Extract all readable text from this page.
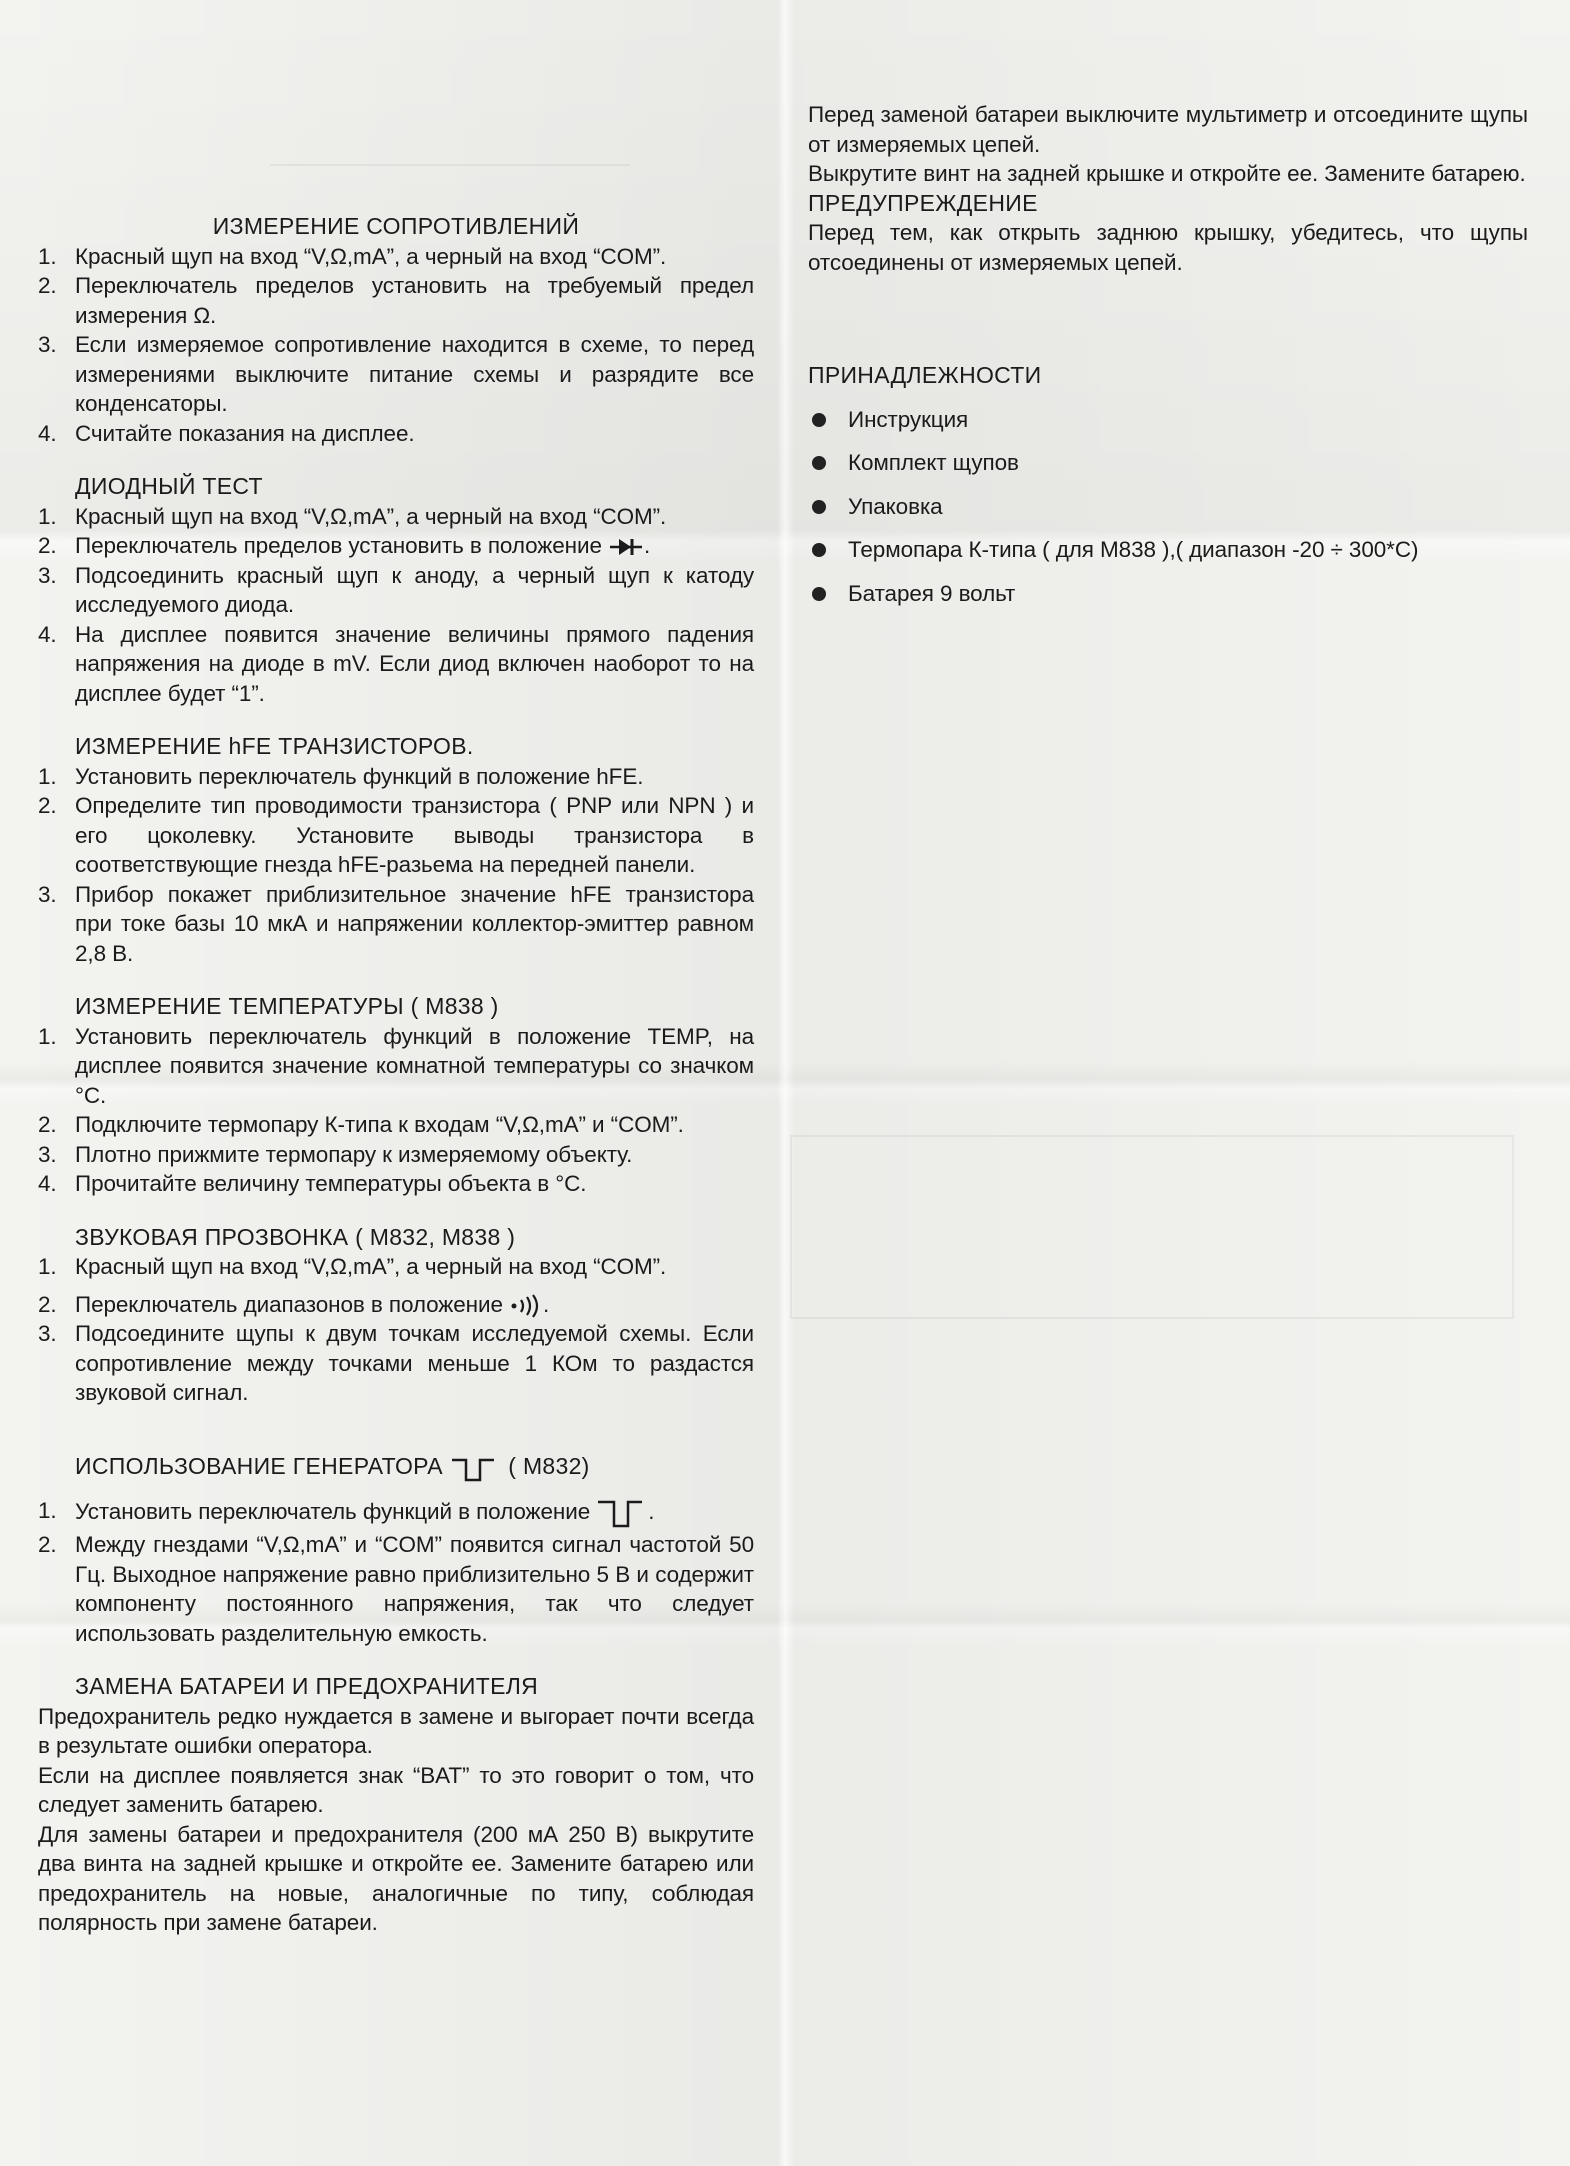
ИЗМЕРЕНИЕ СОПРОТИВЛЕНИЙ
1. Красный щуп на вход “V,Ω,mA”, а черный на вход “COM”.
2. Переключатель пределов установить на требуемый предел измерения Ω.
3. Если измеряемое сопротивление находится в схеме, то перед измерениями выключите питание схемы и разрядите все конденсаторы.
4. Считайте показания на дисплее.
ДИОДНЫЙ ТЕСТ
1. Красный щуп на вход “V,Ω,mA”, а черный на вход “COM”.
2. Переключатель пределов установить в положение .
3. Подсоединить красный щуп к аноду, а черный щуп к катоду исследуемого диода.
4. На дисплее появится значение величины прямого падения напряжения на диоде в mV. Если диод включен наоборот то на дисплее будет “1”.
ИЗМЕРЕНИЕ hFE ТРАНЗИСТОРОВ.
1. Установить переключатель функций в положение hFE.
2. Определите тип проводимости транзистора ( PNP или NPN ) и его цоколевку. Установите выводы транзистора в соответствующие гнезда hFE-разьема на передней панели.
3. Прибор покажет приблизительное значение hFE транзистора при токе базы 10 мкА и напряжении коллектор-эмиттер равном 2,8 В.
ИЗМЕРЕНИЕ ТЕМПЕРАТУРЫ ( M838 )
1. Установить переключатель функций в положение TEMP, на дисплее появится значение комнатной температуры со значком °C.
2. Подключите термопару К-типа к входам “V,Ω,mA” и “COM”.
3. Плотно прижмите термопару к измеряемому объекту.
4. Прочитайте величину температуры объекта в °C.
ЗВУКОВАЯ ПРОЗВОНКА ( M832, M838 )
1. Красный щуп на вход “V,Ω,mA”, а черный на вход “COM”.
2. Переключатель диапазонов в положение .
3. Подсоедините щупы к двум точкам исследуемой схемы. Если сопротивление между точками меньше 1 КОм то раздастся звуковой сигнал.
ИСПОЛЬЗОВАНИЕ ГЕНЕРАТОРА	( M832)
1. Установить переключатель функций в положение	.
2. Между гнездами “V,Ω,mA” и “COM” появится сигнал частотой 50 Гц. Выходное напряжение равно приблизительно 5 В и содержит компоненту постоянного напряжения, так что следует использовать разделительную емкость.
ЗАМЕНА БАТАРЕИ И ПРЕДОХРАНИТЕЛЯ

Предохранитель редко нуждается в замене и выгорает почти всегда в результате ошибки оператора.

Если на дисплее появляется знак “BAT” то это говорит о том, что следует заменить батарею.

Для замены батареи и предохранителя (200 мА 250 В) выкрутите два винта на задней крышке и откройте ее. Замените батарею или предохранитель на новые, аналогичные по типу, соблюдая полярность при замене батареи.

Перед заменой батареи выключите мультиметр и отсоедините щупы от измеряемых цепей.

Выкрутите винт на задней крышке и откройте ее. Замените батарею.

ПРЕДУПРЕЖДЕНИЕ

Перед тем, как открыть заднюю крышку, убедитесь, что щупы отсоединены от измеряемых цепей.

ПРИНАДЛЕЖНОСТИ
Инструкция
Комплект щупов
Упаковка
Термопара К-типа ( для M838 ),( диапазон -20 ÷ 300*C)
Батарея 9 вольт
